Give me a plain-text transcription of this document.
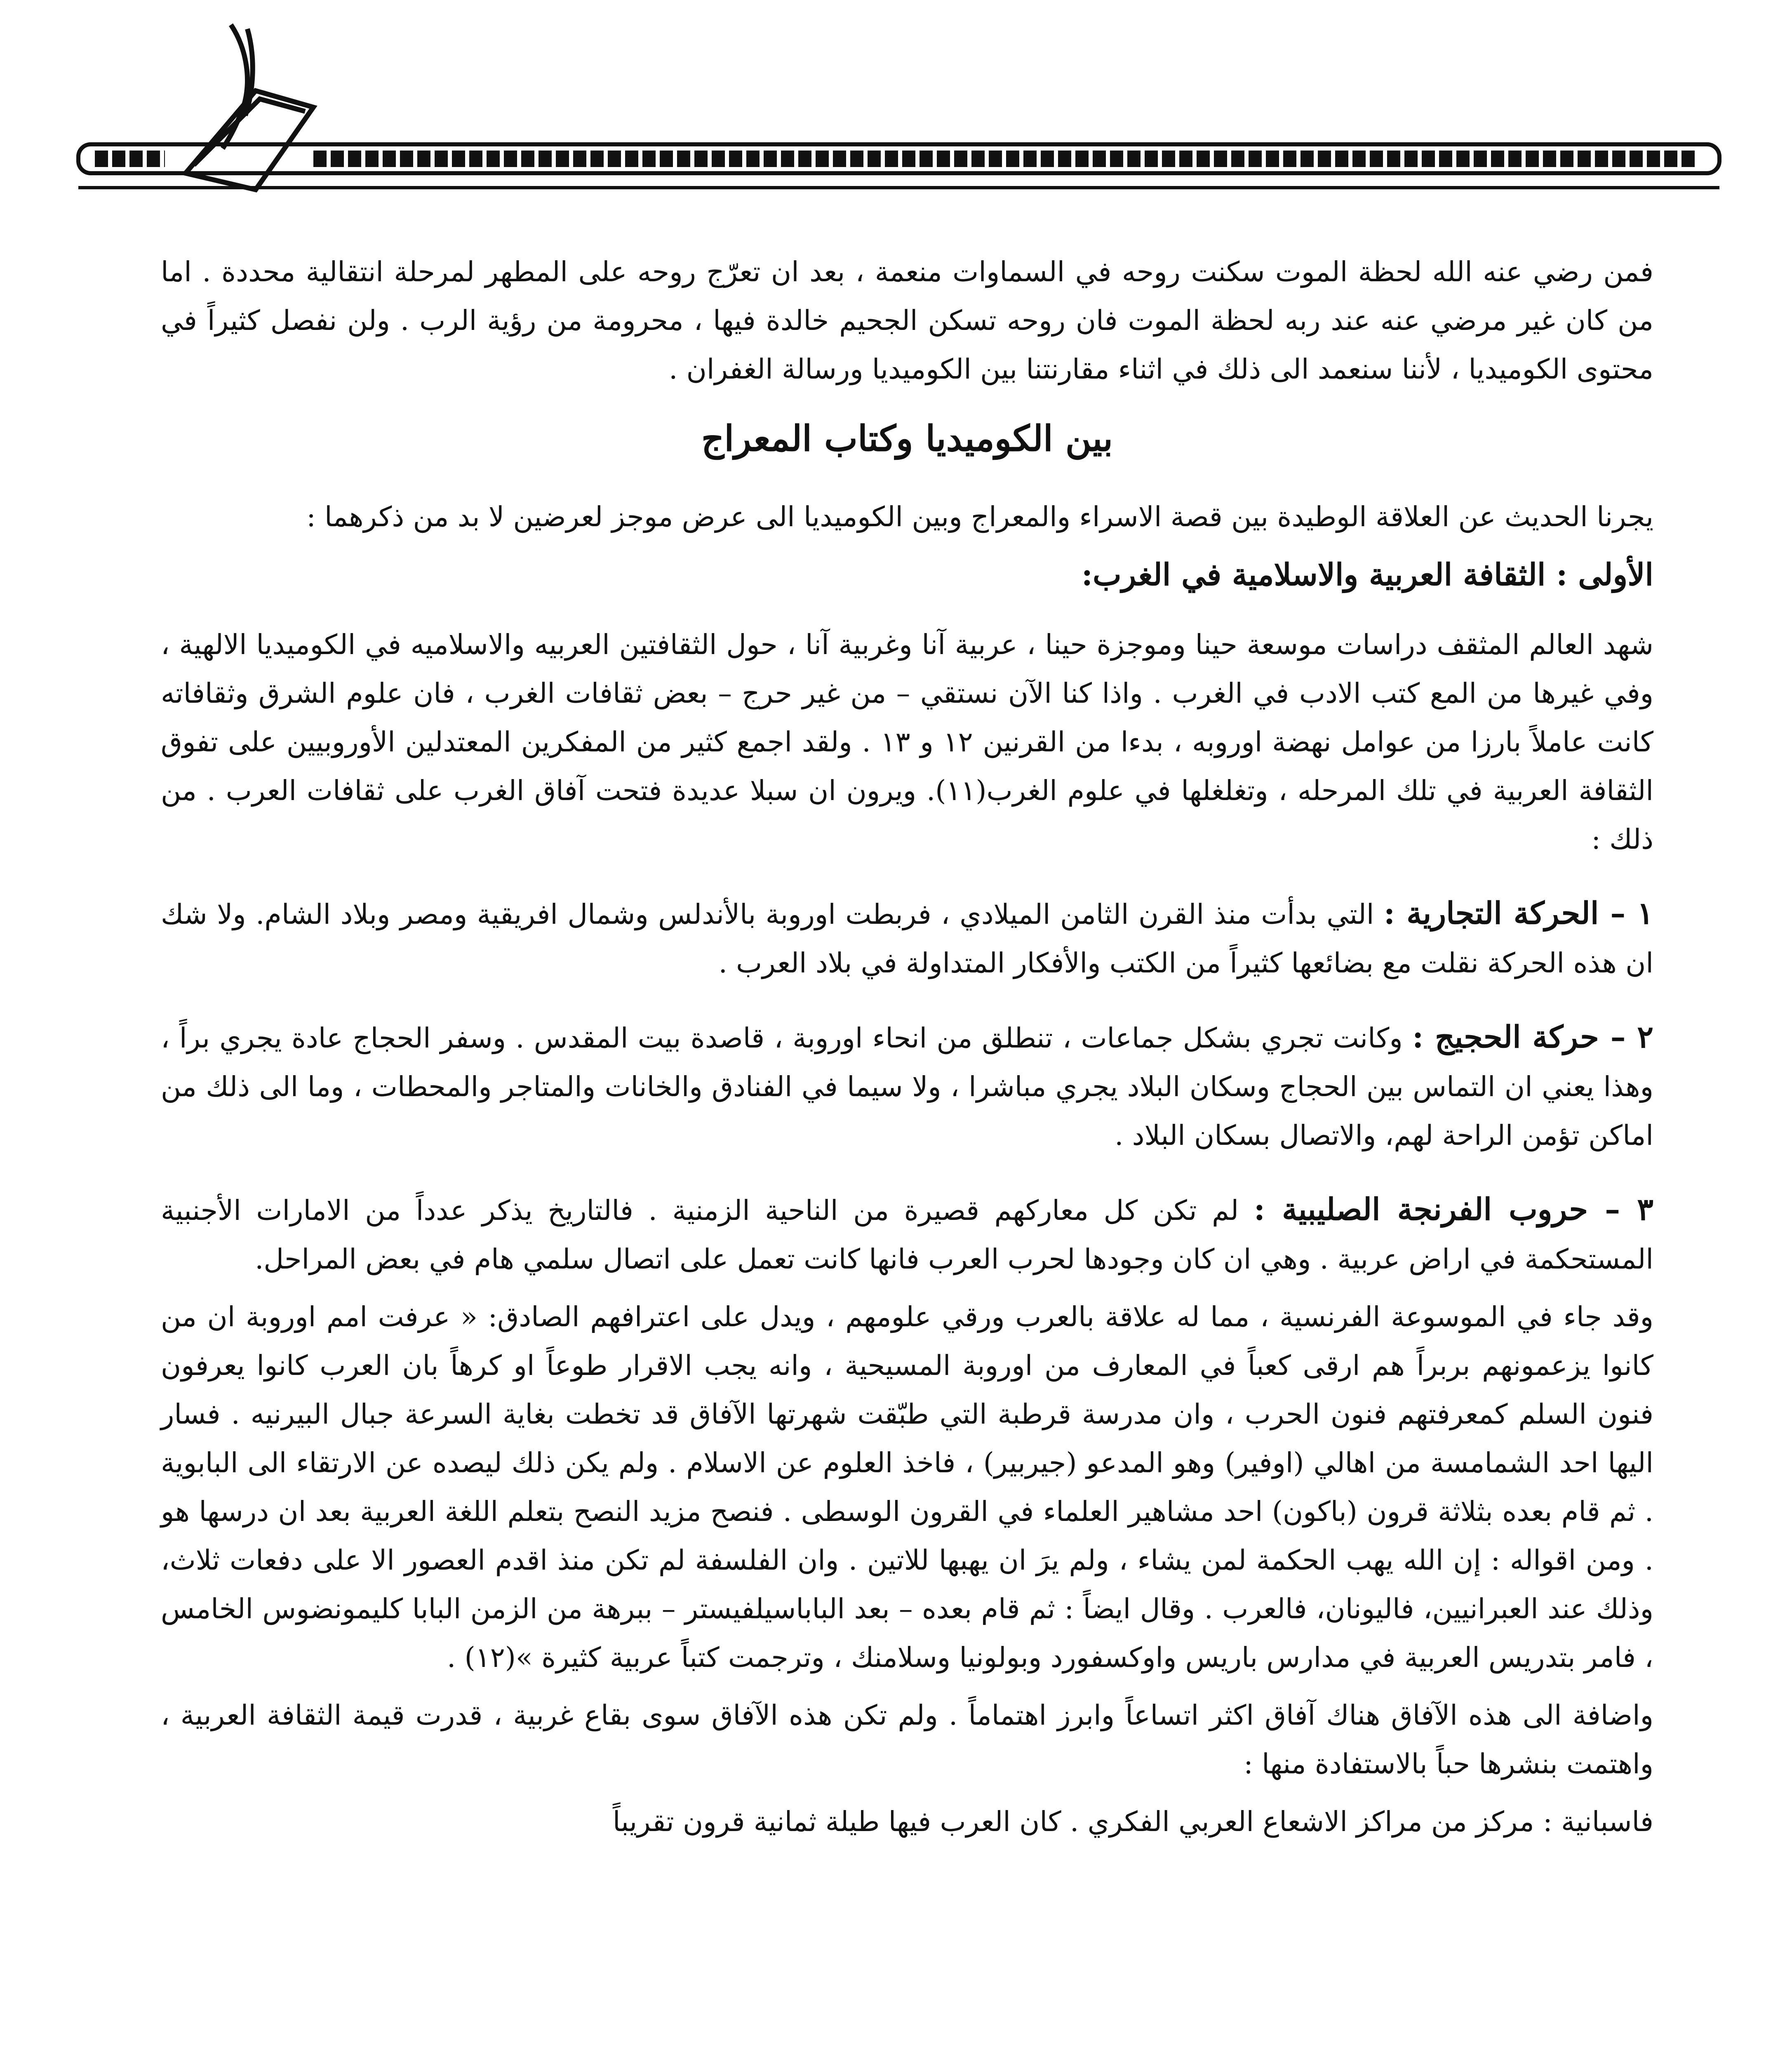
فمن رضي عنه الله لحظة الموت سكنت روحه في السماوات منعمة ، بعد ان تعرّج روحه على المطهر لمرحلة انتقالية محددة . اما من كان غير مرضي عنه عند ربه لحظة الموت فان روحه تسكن الجحيم خالدة فيها ، محرومة من رؤية الرب . ولن نفصل كثيراً في محتوى الكوميديا ، لأننا سنعمد الى ذلك في اثناء مقارنتنا بين الكوميديا ورسالة الغفران .

بين الكوميديا وكتاب المعراج

يجرنا الحديث عن العلاقة الوطيدة بين قصة الاسراء والمعراج وبين الكوميديا الى عرض موجز لعرضين لا بد من ذكرهما :

الأولى : الثقافة العربية والاسلامية في الغرب:

شهد العالم المثقف دراسات موسعة حينا وموجزة حينا ، عربية آنا وغربية آنا ، حول الثقافتين العربيه والاسلاميه في الكوميديا الالهية ، وفي غيرها من المع كتب الادب في الغرب . واذا كنا الآن نستقي – من غير حرج – بعض ثقافات الغرب ، فان علوم الشرق وثقافاته كانت عاملاً بارزا من عوامل نهضة اوروبه ، بدءا من القرنين ١٢ و ١٣ . ولقد اجمع كثير من المفكرين المعتدلين الأوروبيين على تفوق الثقافة العربية في تلك المرحله ، وتغلغلها في علوم الغرب(١١). ويرون ان سبلا عديدة فتحت آفاق الغرب على ثقافات العرب . من ذلك :

١ – الحركة التجارية : التي بدأت منذ القرن الثامن الميلادي ، فربطت اوروبة بالأندلس وشمال افريقية ومصر وبلاد الشام. ولا شك ان هذه الحركة نقلت مع بضائعها كثيراً من الكتب والأفكار المتداولة في بلاد العرب .

٢ – حركة الحجيج : وكانت تجري بشكل جماعات ، تنطلق من انحاء اوروبة ، قاصدة بيت المقدس . وسفر الحجاج عادة يجري براً ، وهذا يعني ان التماس بين الحجاج وسكان البلاد يجري مباشرا ، ولا سيما في الفنادق والخانات والمتاجر والمحطات ، وما الى ذلك من اماكن تؤمن الراحة لهم، والاتصال بسكان البلاد .

٣ – حروب الفرنجة الصليبية : لم تكن كل معاركهم قصيرة من الناحية الزمنية . فالتاريخ يذكر عدداً من الامارات الأجنبية المستحكمة في اراض عربية . وهي ان كان وجودها لحرب العرب فانها كانت تعمل على اتصال سلمي هام في بعض المراحل.

وقد جاء في الموسوعة الفرنسية ، مما له علاقة بالعرب ورقي علومهم ، ويدل على اعترافهم الصادق: « عرفت امم اوروبة ان من كانوا يزعمونهم بربراً هم ارقى كعباً في المعارف من اوروبة المسيحية ، وانه يجب الاقرار طوعاً او كرهاً بان العرب كانوا يعرفون فنون السلم كمعرفتهم فنون الحرب ، وان مدرسة قرطبة التي طبّقت شهرتها الآفاق قد تخطت بغاية السرعة جبال البيرنيه . فسار اليها احد الشمامسة من اهالي (اوفير) وهو المدعو (جيربير) ، فاخذ العلوم عن الاسلام . ولم يكن ذلك ليصده عن الارتقاء الى البابوية . ثم قام بعده بثلاثة قرون (باكون) احد مشاهير العلماء في القرون الوسطى . فنصح مزيد النصح بتعلم اللغة العربية بعد ان درسها هو . ومن اقواله : إن الله يهب الحكمة لمن يشاء ، ولم يرَ ان يهبها للاتين . وان الفلسفة لم تكن منذ اقدم العصور الا على دفعات ثلاث، وذلك عند العبرانيين، فاليونان، فالعرب . وقال ايضاً : ثم قام بعده – بعد الباباسيلفيستر – ببرهة من الزمن البابا كليمونضوس الخامس ، فامر بتدريس العربية في مدارس باريس واوكسفورد وبولونيا وسلامنك ، وترجمت كتباً عربية كثيرة »(١٢) .

واضافة الى هذه الآفاق هناك آفاق اكثر اتساعاً وابرز اهتماماً . ولم تكن هذه الآفاق سوى بقاع غربية ، قدرت قيمة الثقافة العربية ، واهتمت بنشرها حباً بالاستفادة منها :

فاسبانية : مركز من مراكز الاشعاع العربي الفكري . كان العرب فيها طيلة ثمانية قرون تقريباً
